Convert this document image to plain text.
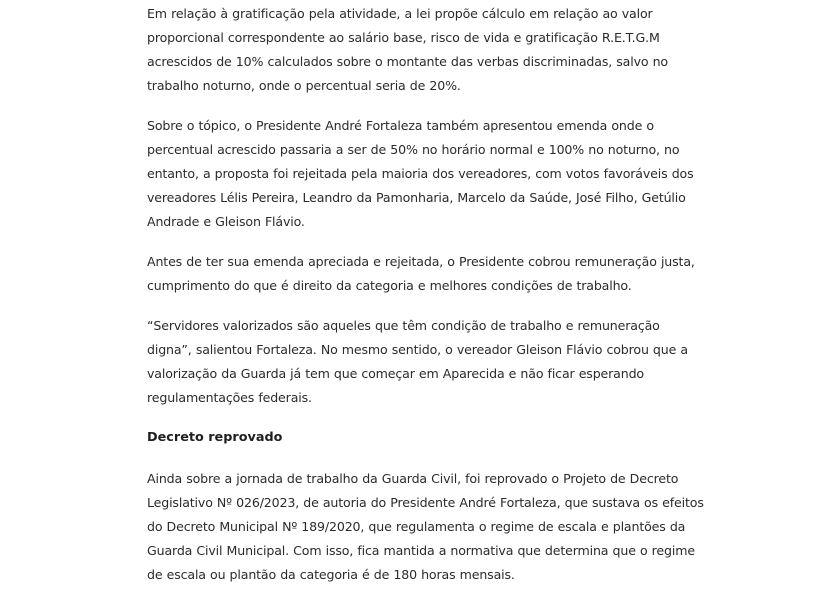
Em relação à gratificação pela atividade, a lei propõe cálculo em relação ao valor
proporcional correspondente ao salário base, risco de vida e gratificação R.E.T.G.M
acrescidos de 10% calculados sobre o montante das verbas discriminadas, salvo no
trabalho noturno, onde o percentual seria de 20%.

Sobre o tópico, o Presidente André Fortaleza também apresentou emenda onde o
percentual acrescido passaria a ser de 50% no horário normal e 100% no noturno, no
entanto, a proposta foi rejeitada pela maioria dos vereadores, com votos favoráveis dos
vereadores Lélis Pereira, Leandro da Pamonharia, Marcelo da Saúde, José Filho, Getúlio
Andrade e Gleison Flávio.

Antes de ter sua emenda apreciada e rejeitada, o Presidente cobrou remuneração justa,
cumprimento do que é direito da categoria e melhores condições de trabalho.

“Servidores valorizados são aqueles que têm condição de trabalho e remuneração
digna”, salientou Fortaleza. No mesmo sentido, o vereador Gleison Flávio cobrou que a
valorização da Guarda já tem que começar em Aparecida e não ficar esperando
regulamentações federais.

Decreto reprovado

Ainda sobre a jornada de trabalho da Guarda Civil, foi reprovado o Projeto de Decreto
Legislativo Nº 026/2023, de autoria do Presidente André Fortaleza, que sustava os efeitos
do Decreto Municipal Nº 189/2020, que regulamenta o regime de escala e plantões da
Guarda Civil Municipal. Com isso, fica mantida a normativa que determina que o regime
de escala ou plantão da categoria é de 180 horas mensais.
